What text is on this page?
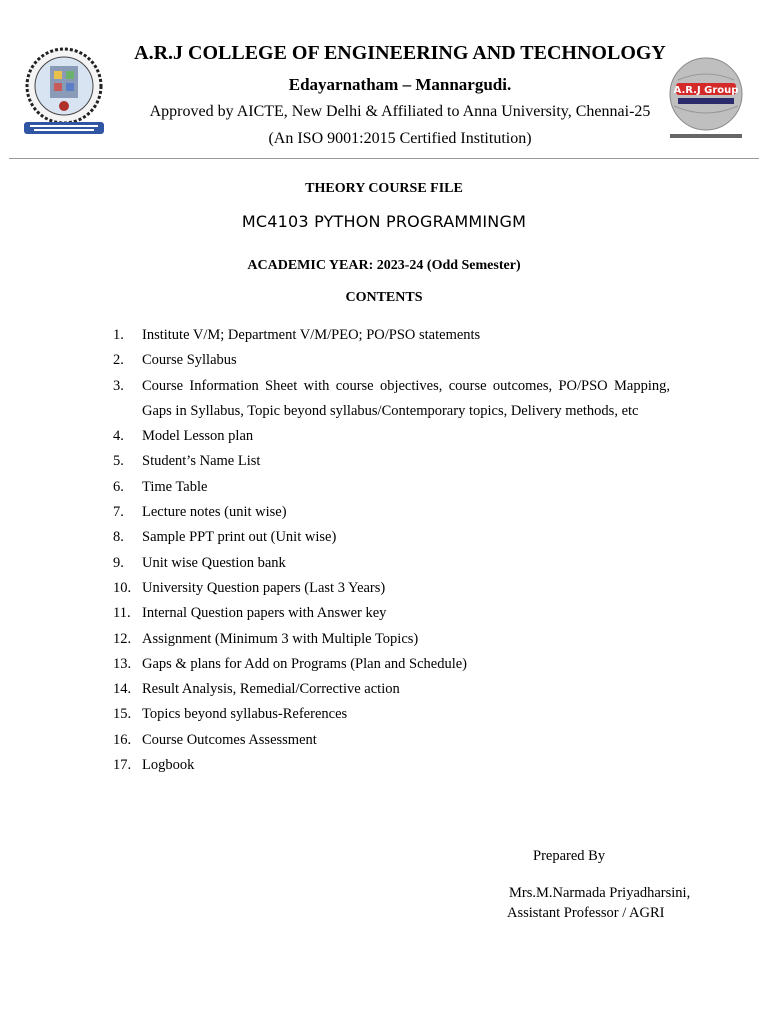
A.R.J Group
A.R.J COLLEGE OF ENGINEERING AND TECHNOLOGY
Edayarnatham – Mannargudi.
Approved by AICTE, New Delhi & Affiliated to Anna University, Chennai-25
(An ISO 9001:2015 Certified Institution)
THEORY COURSE FILE
MC4103 PYTHON PROGRAMMINGM
ACADEMIC YEAR: 2023-24 (Odd Semester)
CONTENTS
1. Institute V/M; Department V/M/PEO; PO/PSO statements
2. Course Syllabus
3. Course Information Sheet with course objectives, course outcomes, PO/PSO Mapping, Gaps in Syllabus, Topic beyond syllabus/Contemporary topics, Delivery methods, etc
4. Model Lesson plan
5. Student’s Name List
6. Time Table
7. Lecture notes (unit wise)
8. Sample PPT print out (Unit wise)
9. Unit wise Question bank
10. University Question papers (Last 3 Years)
11. Internal Question papers with Answer key
12. Assignment (Minimum 3 with Multiple Topics)
13. Gaps & plans for Add on Programs (Plan and Schedule)
14. Result Analysis, Remedial/Corrective action
15. Topics beyond syllabus-References
16. Course Outcomes Assessment
17. Logbook
Prepared By
Mrs.M.Narmada Priyadharsini,
Assistant Professor / AGRI
